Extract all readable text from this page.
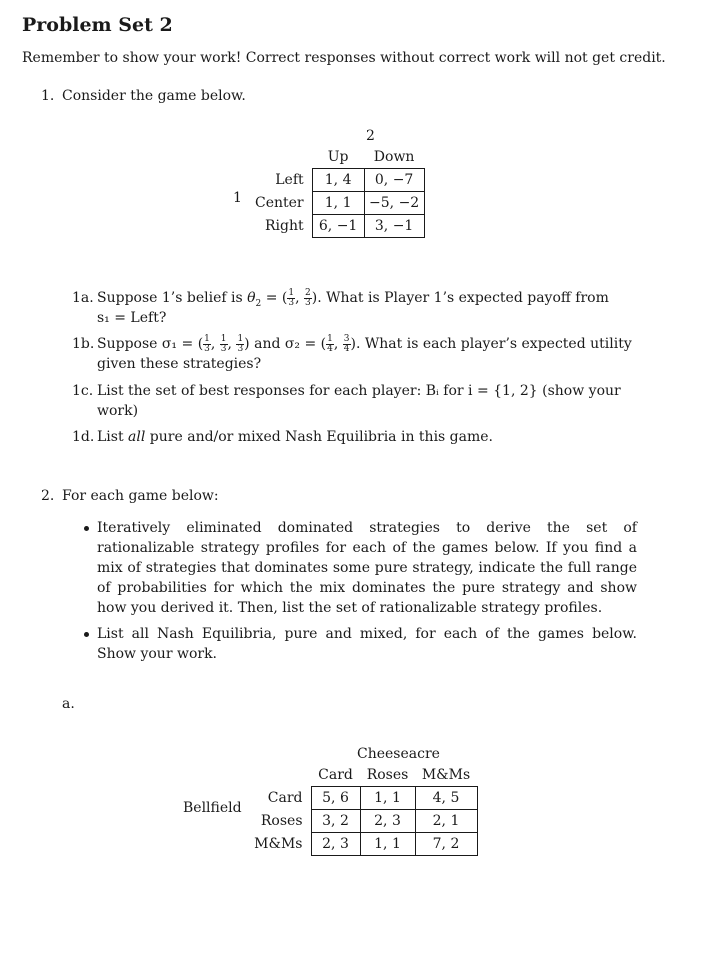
Problem Set 2
Remember to show your work! Correct responses without correct work will not get credit.
1. Consider the game below.
2
1
	Up	Down
Left	1, 4	0, −7
Center	1, 1	−5, −2
Right	6, −1	3, −1
1a. Suppose 1’s belief is $\theta_2$ = ( $\frac{1}{3}$ , $\frac{2}{3}$ ). What is Player 1’s expected payoff from
s₁ = Left?
1b. Suppose σ₁ = ( $\frac{1}{3}$ , $\frac{1}{3}$ , $\frac{1}{3}$ ) and σ₂ = ( $\frac{1}{4}$ , $\frac{3}{4}$ ). What is each player’s expected utility
given these strategies?
1c. List the set of best responses for each player: Bᵢ for i = {1, 2} (show your
work)
1d. List all pure and/or mixed Nash Equilibria in this game.
2. For each game below:
Iteratively eliminated dominated strategies to derive the set of rationalizable strategy profiles for each of the games below. If you find a mix of strategies that dominates some pure strategy, indicate the full range of probabilities for which the mix dominates the pure strategy and show how you derived it. Then, list the set of rationalizable strategy profiles.
List all Nash Equilibria, pure and mixed, for each of the games below. Show your work.
a.
Cheeseacre
Bellfield
	Card	Roses	M&Ms
Card	5, 6	1, 1	4, 5
Roses	3, 2	2, 3	2, 1
M&Ms	2, 3	1, 1	7, 2
